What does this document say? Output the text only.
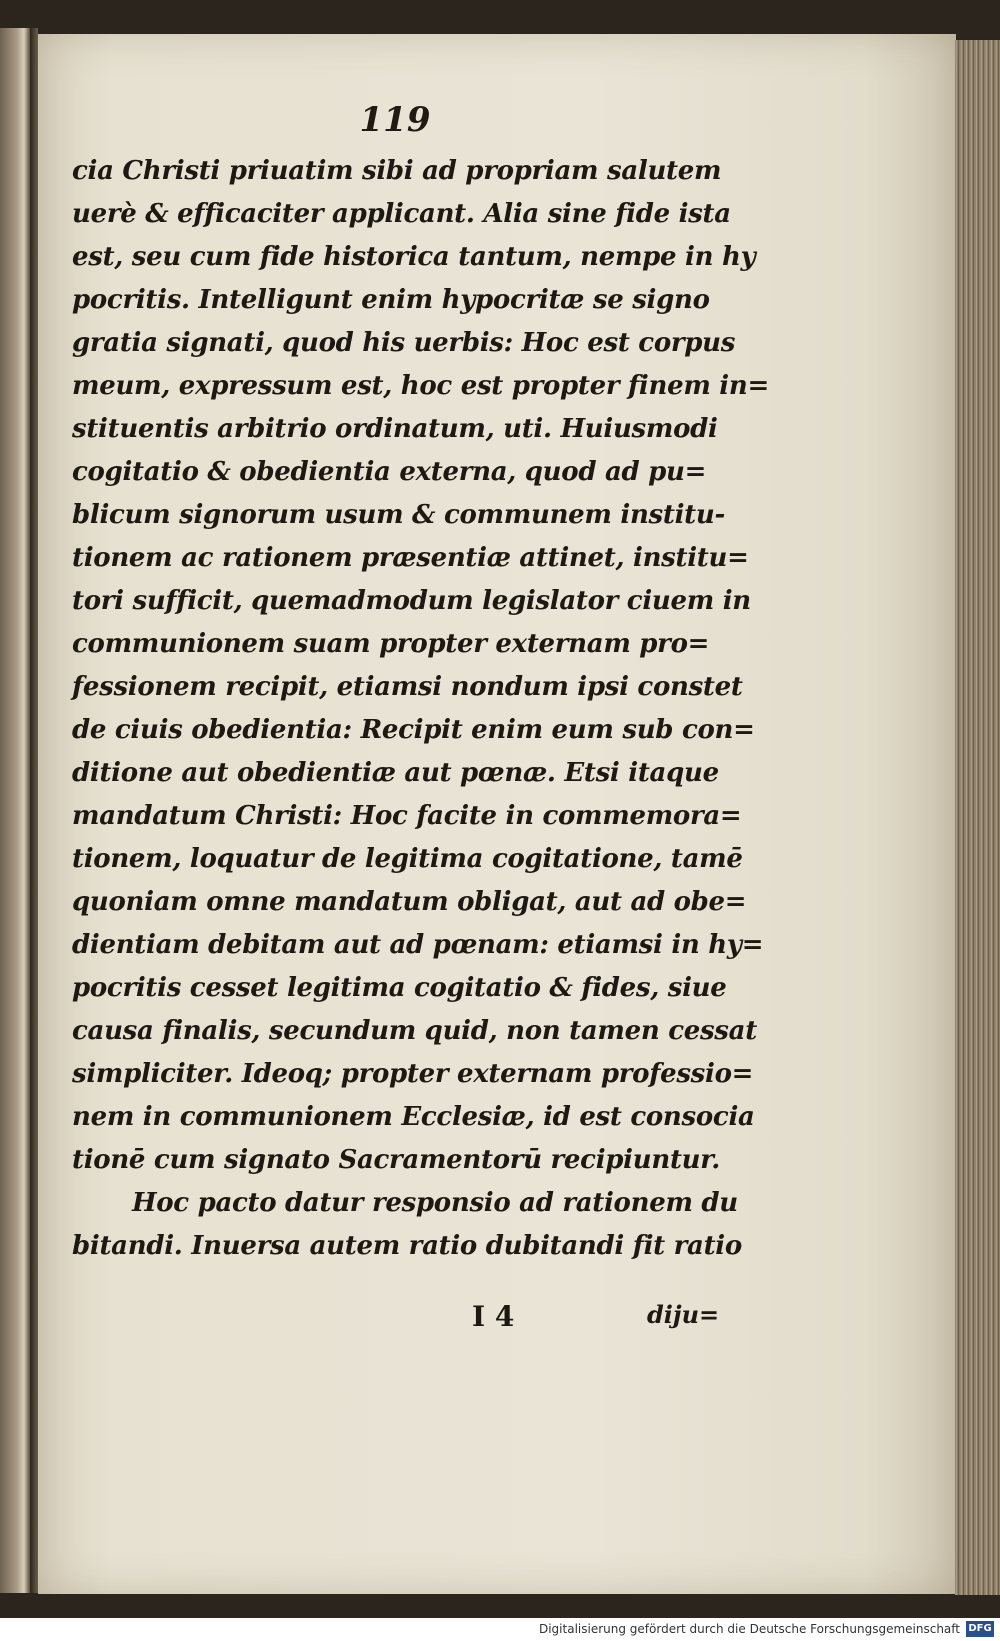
119
cia Christi priuatim sibi ad propriam salutem
uerè & efficaciter applicant. Alia sine fide ista
est, seu cum fide historica tantum, nempe in hy
pocritis. Intelligunt enim hypocritæ se signo
gratia signati, quod his uerbis: Hoc est corpus
meum, expressum est, hoc est propter finem in=
stituentis arbitrio ordinatum, uti. Huiusmodi
cogitatio & obedientia externa, quod ad pu=
blicum signorum usum & communem institu-
tionem ac rationem præsentiæ attinet, institu=
tori sufficit, quemadmodum legislator ciuem in
communionem suam propter externam pro=
fessionem recipit, etiamsi nondum ipsi constet
de ciuis obedientia: Recipit enim eum sub con=
ditione aut obedientiæ aut pœnæ. Etsi itaque
mandatum Christi: Hoc facite in commemora=
tionem, loquatur de legitima cogitatione, tamē
quoniam omne mandatum obligat, aut ad obe=
dientiam debitam aut ad pœnam: etiamsi in hy=
pocritis cesset legitima cogitatio & fides, siue
causa finalis, secundum quid, non tamen cessat
simpliciter. Ideoq; propter externam professio=
nem in communionem Ecclesiæ, id est consocia
tionē cum signato Sacramentorū recipiuntur.
Hoc pacto datur responsio ad rationem du
bitandi. Inuersa autem ratio dubitandi fit ratio
I 4	diju=
Digitalisierung gefördert durch die Deutsche Forschungsgemeinschaft DFG
